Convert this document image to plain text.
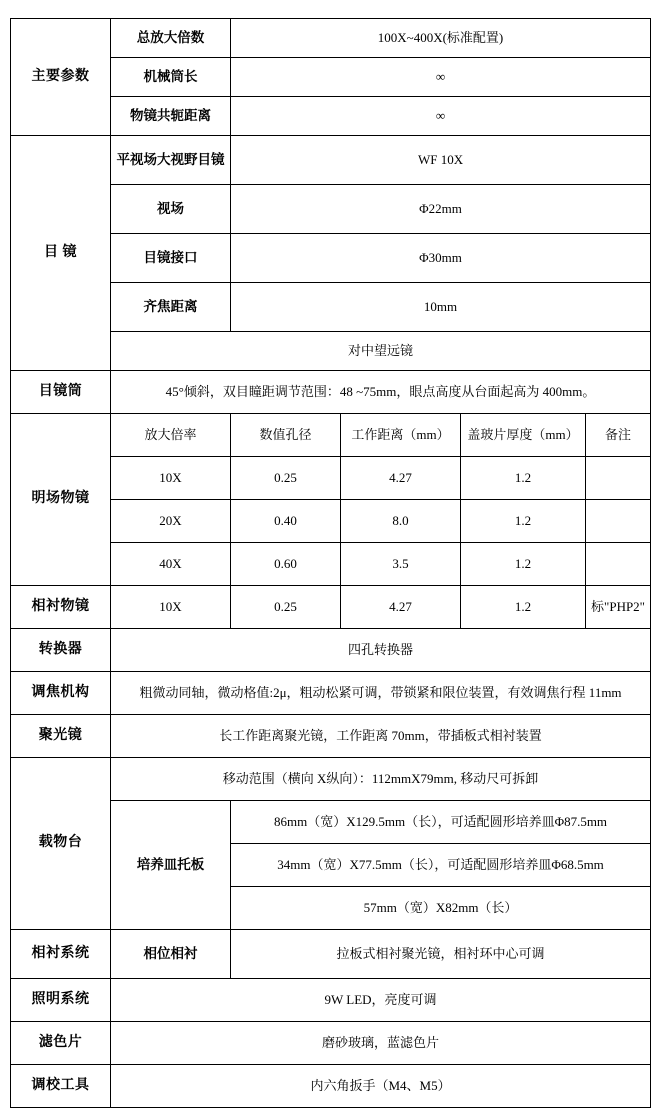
主要参数	总放大倍数	100X~400X(标准配置)			
	机械筒长	∞			
	物镜共轭距离	∞			
目 镜	平视场大视野目镜	WF 10X			
	视场	Φ22mm			
	目镜接口	Φ30mm			
	齐焦距离	10mm			
	对中望远镜				
目镜筒	45°倾斜，双目瞳距调节范围：48 ~75mm，眼点高度从台面起高为 400mm。				
明场物镜	放大倍率	数值孔径	工作距离（mm）	盖玻片厚度（mm）	备注
	10X	0.25	4.27	1.2	
	20X	0.40	8.0	1.2	
	40X	0.60	3.5	1.2	
相衬物镜	10X	0.25	4.27	1.2	标"PHP2"
转换器	四孔转换器				
调焦机构	粗微动同轴，微动格值:2μ，粗动松紧可调，带锁紧和限位装置，有效调焦行程 11mm				
聚光镜	长工作距离聚光镜，工作距离 70mm，带插板式相衬装置				
载物台	移动范围（横向 X纵向）：112mmX79mm, 移动尺可拆卸				
	培养皿托板	86mm（宽）X129.5mm（长），可适配圆形培养皿Φ87.5mm			
		34mm（宽）X77.5mm（长），可适配圆形培养皿Φ68.5mm			
		57mm（宽）X82mm（长）			
相衬系统	相位相衬	拉板式相衬聚光镜，相衬环中心可调			
照明系统	9W LED，亮度可调				
滤色片	磨砂玻璃，蓝滤色片				
调校工具	内六角扳手（M4、M5）				
